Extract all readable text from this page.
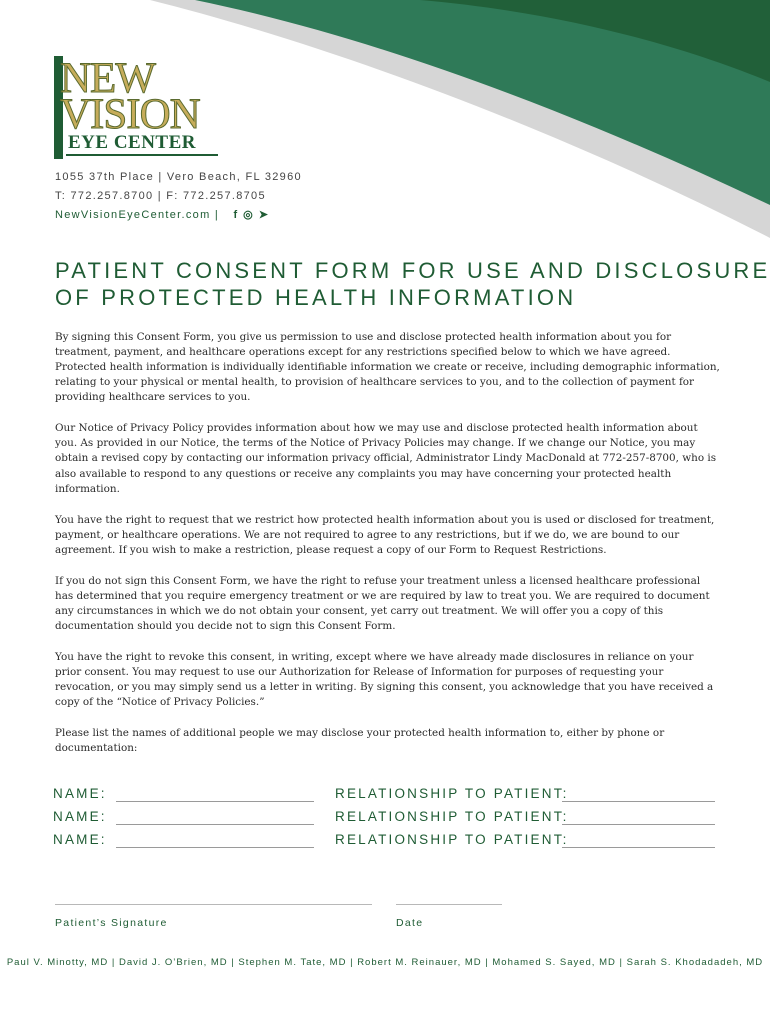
NEW
VISION
EYE CENTER
1055 37th Place | Vero Beach, FL 32960
T: 772.257.8700 | F: 772.257.8705
NewVisionEyeCenter.com | f◎➤
PATIENT CONSENT FORM FOR USE AND DISCLOSURE
OF PROTECTED HEALTH INFORMATION

By signing this Consent Form, you give us permission to use and disclose protected health information about you for treatment, payment, and healthcare operations except for any restrictions specified below to which we have agreed. Protected health information is individually identifiable information we create or receive, including demographic information, relating to your physical or mental health, to provision of healthcare services to you, and to the collection of payment for providing healthcare services to you.

Our Notice of Privacy Policy provides information about how we may use and disclose protected health information about you. As provided in our Notice, the terms of the Notice of Privacy Policies may change. If we change our Notice, you may obtain a revised copy by contacting our information privacy official, Administrator Lindy MacDonald at 772-257-8700, who is also available to respond to any questions or receive any complaints you may have concerning your protected health information.

You have the right to request that we restrict how protected health information about you is used or disclosed for treatment, payment, or healthcare operations. We are not required to agree to any restrictions, but if we do, we are bound to our agreement. If you wish to make a restriction, please request a copy of our Form to Request Restrictions.

If you do not sign this Consent Form, we have the right to refuse your treatment unless a licensed healthcare professional has determined that you require emergency treatment or we are required by law to treat you. We are required to document any circumstances in which we do not obtain your consent, yet carry out treatment. We will offer you a copy of this documentation should you decide not to sign this Consent Form.

You have the right to revoke this consent, in writing, except where we have already made disclosures in reliance on your prior consent. You may request to use our Authorization for Release of Information for purposes of requesting your revocation, or you may simply send us a letter in writing. By signing this consent, you acknowledge that you have received a copy of the “Notice of Privacy Policies.”

Please list the names of additional people we may disclose your protected health information to, either by phone or documentation:

NAME:	RELATIONSHIP TO PATIENT:
NAME:	RELATIONSHIP TO PATIENT:
NAME:	RELATIONSHIP TO PATIENT:
Patient’s Signature	Date
Paul V. Minotty, MD | David J. O’Brien, MD | Stephen M. Tate, MD | Robert M. Reinauer, MD | Mohamed S. Sayed, MD | Sarah S. Khodadadeh, MD
